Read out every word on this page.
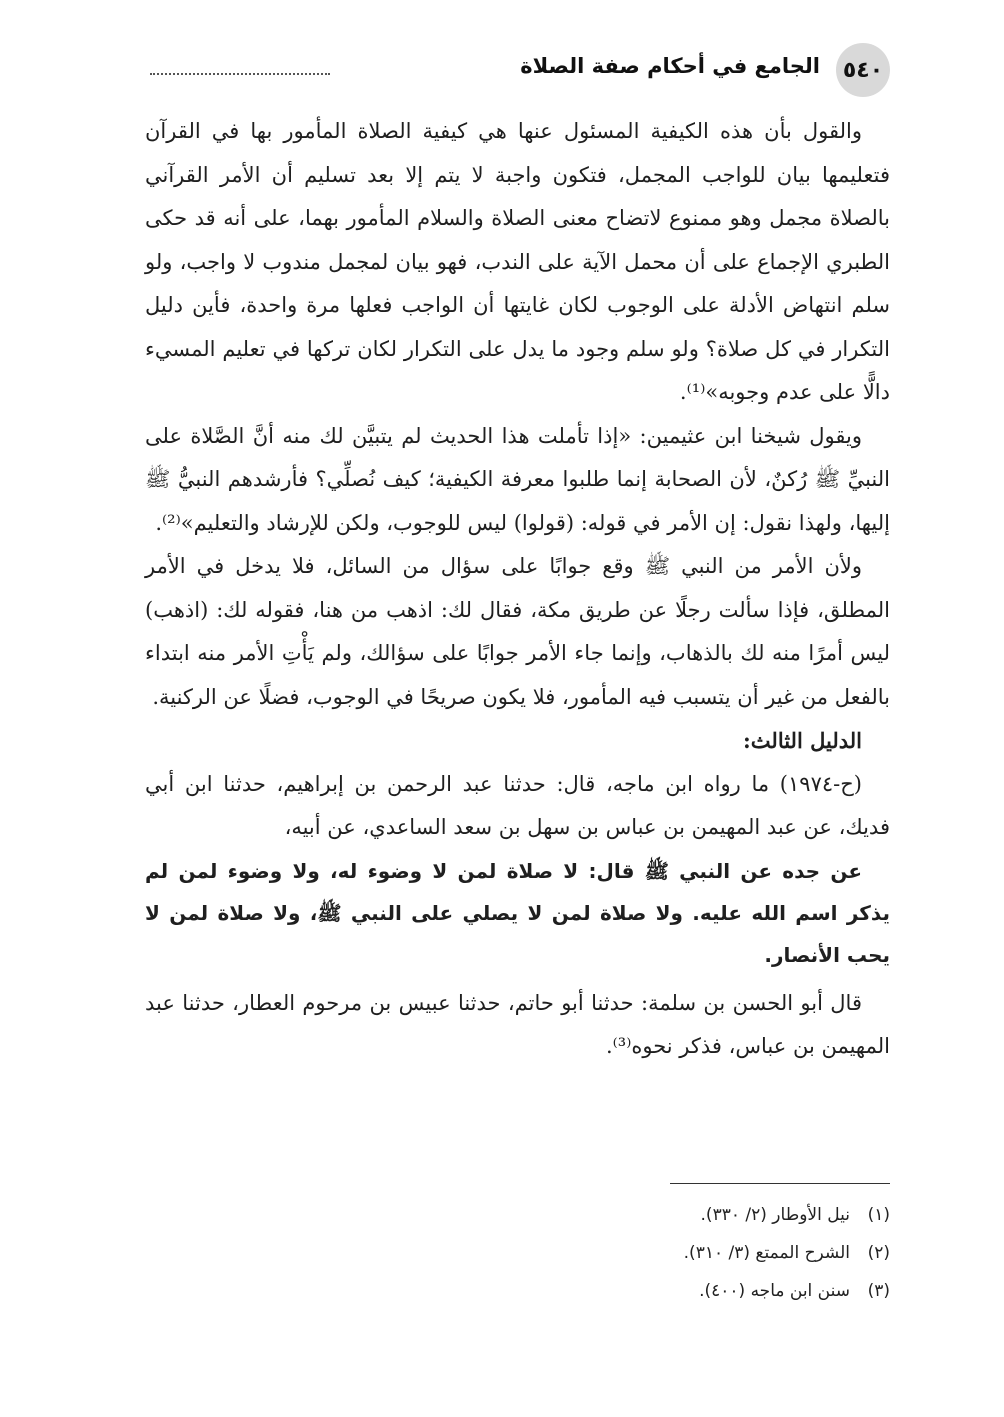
الجامع في أحكام صفة الصلاة	٥٤٠

والقول بأن هذه الكيفية المسئول عنها هي كيفية الصلاة المأمور بها في القرآن فتعليمها بيان للواجب المجمل، فتكون واجبة لا يتم إلا بعد تسليم أن الأمر القرآني بالصلاة مجمل وهو ممنوع لاتضاح معنى الصلاة والسلام المأمور بهما، على أنه قد حكى الطبري الإجماع على أن محمل الآية على الندب، فهو بيان لمجمل مندوب لا واجب، ولو سلم انتهاض الأدلة على الوجوب لكان غايتها أن الواجب فعلها مرة واحدة، فأين دليل التكرار في كل صلاة؟ ولو سلم وجود ما يدل على التكرار لكان تركها في تعليم المسيء دالًّا على عدم وجوبه»⁽¹⁾.

ويقول شيخنا ابن عثيمين: «إذا تأملت هذا الحديث لم يتبيَّن لك منه أنَّ الصَّلاة على النبيِّ ﷺ رُكنٌ، لأن الصحابة إنما طلبوا معرفة الكيفية؛ كيف نُصلِّي؟ فأرشدهم النبيُّ ﷺ إليها، ولهذا نقول: إن الأمر في قوله: (قولوا) ليس للوجوب، ولكن للإرشاد والتعليم»⁽²⁾.

ولأن الأمر من النبي ﷺ وقع جوابًا على سؤال من السائل، فلا يدخل في الأمر المطلق، فإذا سألت رجلًا عن طريق مكة، فقال لك: اذهب من هنا، فقوله لك: (اذهب) ليس أمرًا منه لك بالذهاب، وإنما جاء الأمر جوابًا على سؤالك، ولم يَأْتِ الأمر منه ابتداء بالفعل من غير أن يتسبب فيه المأمور، فلا يكون صريحًا في الوجوب، فضلًا عن الركنية.

الدليل الثالث:

(ح-١٩٧٤) ما رواه ابن ماجه، قال: حدثنا عبد الرحمن بن إبراهيم، حدثنا ابن أبي فديك، عن عبد المهيمن بن عباس بن سهل بن سعد الساعدي، عن أبيه،

عن جده عن النبي ﷺ قال: لا صلاة لمن لا وضوء له، ولا وضوء لمن لم يذكر اسم الله عليه. ولا صلاة لمن لا يصلي على النبي ﷺ، ولا صلاة لمن لا يحب الأنصار.

قال أبو الحسن بن سلمة: حدثنا أبو حاتم، حدثنا عبيس بن مرحوم العطار، حدثنا عبد المهيمن بن عباس، فذكر نحوه⁽³⁾.

(١)
نيل الأوطار (٢/ ٣٣٠).
(٢)
الشرح الممتع (٣/ ٣١٠).
(٣)
سنن ابن ماجه (٤٠٠).
